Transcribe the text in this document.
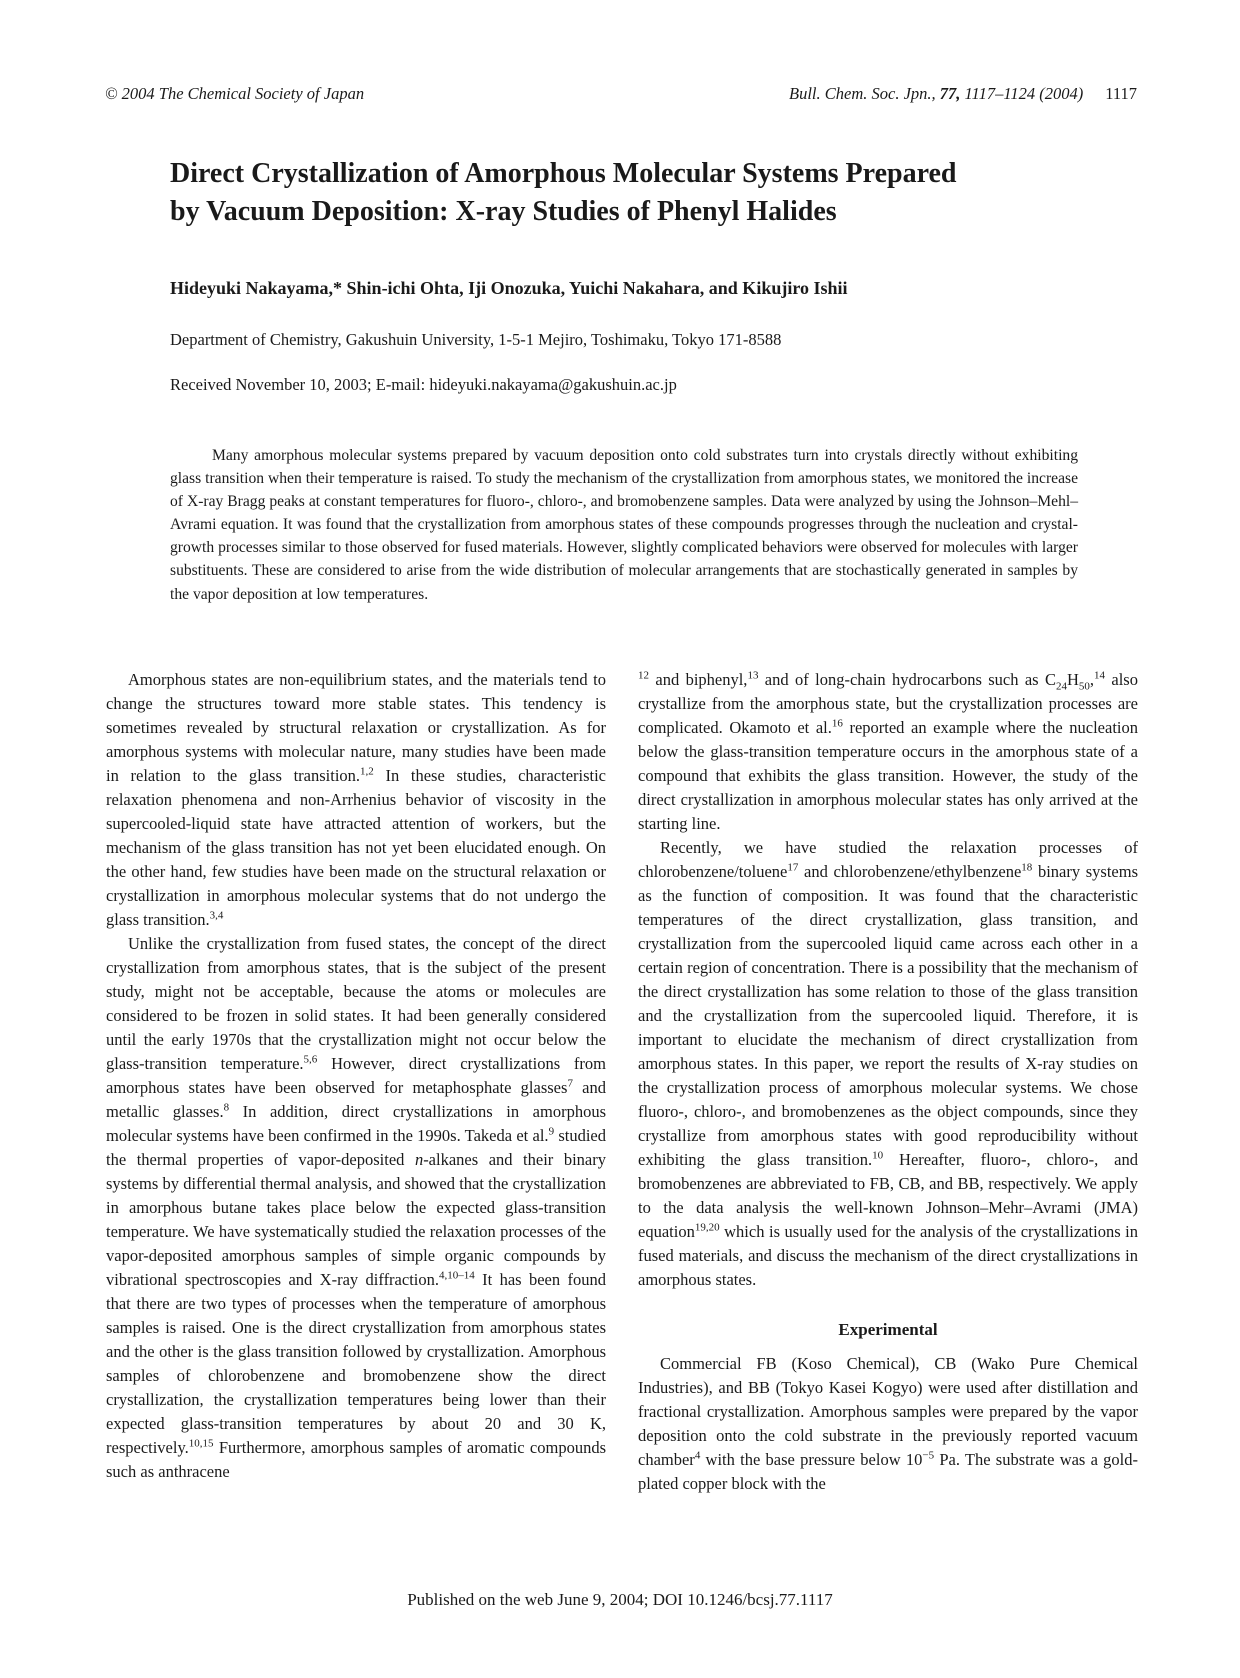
© 2004 The Chemical Society of Japan	Bull. Chem. Soc. Jpn., 77, 1117–1124 (2004) 1117
Direct Crystallization of Amorphous Molecular Systems Prepared
by Vacuum Deposition: X-ray Studies of Phenyl Halides
Hideyuki Nakayama,* Shin-ichi Ohta, Iji Onozuka, Yuichi Nakahara, and Kikujiro Ishii
Department of Chemistry, Gakushuin University, 1-5-1 Mejiro, Toshimaku, Tokyo 171-8588
Received November 10, 2003; E-mail: hideyuki.nakayama@gakushuin.ac.jp

Many amorphous molecular systems prepared by vacuum deposition onto cold substrates turn into crystals directly without exhibiting glass transition when their temperature is raised. To study the mechanism of the crystallization from amorphous states, we monitored the increase of X-ray Bragg peaks at constant temperatures for fluoro-, chloro-, and bromobenzene samples. Data were analyzed by using the Johnson–Mehl–Avrami equation. It was found that the crystallization from amorphous states of these compounds progresses through the nucleation and crystal-growth processes similar to those observed for fused materials. However, slightly complicated behaviors were observed for molecules with larger substituents. These are considered to arise from the wide distribution of molecular arrangements that are stochastically generated in samples by the vapor deposition at low temperatures.

Amorphous states are non-equilibrium states, and the materials tend to change the structures toward more stable states. This tendency is sometimes revealed by structural relaxation or crystallization. As for amorphous systems with molecular nature, many studies have been made in relation to the glass transition.$^{1,2}$ In these studies, characteristic relaxation phenomena and non-Arrhenius behavior of viscosity in the supercooled-liquid state have attracted attention of workers, but the mechanism of the glass transition has not yet been elucidated enough. On the other hand, few studies have been made on the structural relaxation or crystallization in amorphous molecular systems that do not undergo the glass transition.$^{3,4}$

Unlike the crystallization from fused states, the concept of the direct crystallization from amorphous states, that is the subject of the present study, might not be acceptable, because the atoms or molecules are considered to be frozen in solid states. It had been generally considered until the early 1970s that the crystallization might not occur below the glass-transition temperature.$^{5,6}$ However, direct crystallizations from amorphous states have been observed for metaphosphate glasses$^7$ and metallic glasses.$^8$ In addition, direct crystallizations in amorphous molecular systems have been confirmed in the 1990s. Takeda et al.$^9$ studied the thermal properties of vapor-deposited n-alkanes and their binary systems by differential thermal analysis, and showed that the crystallization in amorphous butane takes place below the expected glass-transition temperature. We have systematically studied the relaxation processes of the vapor-deposited amorphous samples of simple organic compounds by vibrational spectroscopies and X-ray diffraction.$^{4,10-14}$ It has been found that there are two types of processes when the temperature of amorphous samples is raised. One is the direct crystallization from amorphous states and the other is the glass transition followed by crystallization. Amorphous samples of chlorobenzene and bromobenzene show the direct crystallization, the crystallization temperatures being lower than their expected glass-transition temperatures by about 20 and 30 K, respectively.$^{10,15}$ Furthermore, amorphous samples of aromatic compounds such as anthracene

$^{12}$ and biphenyl,$^{13}$ and of long-chain hydrocarbons such as $C_{24}H_{50},^{14}$ also crystallize from the amorphous state, but the crystallization processes are complicated. Okamoto et al.$^{16}$ reported an example where the nucleation below the glass-transition temperature occurs in the amorphous state of a compound that exhibits the glass transition. However, the study of the direct crystallization in amorphous molecular states has only arrived at the starting line.

Recently, we have studied the relaxation processes of chlorobenzene/toluene$^{17}$ and chlorobenzene/ethylbenzene$^{18}$ binary systems as the function of composition. It was found that the characteristic temperatures of the direct crystallization, glass transition, and crystallization from the supercooled liquid came across each other in a certain region of concentration. There is a possibility that the mechanism of the direct crystallization has some relation to those of the glass transition and the crystallization from the supercooled liquid. Therefore, it is important to elucidate the mechanism of direct crystallization from amorphous states. In this paper, we report the results of X-ray studies on the crystallization process of amorphous molecular systems. We chose fluoro-, chloro-, and bromobenzenes as the object compounds, since they crystallize from amorphous states with good reproducibility without exhibiting the glass transition.$^{10}$ Hereafter, fluoro-, chloro-, and bromobenzenes are abbreviated to FB, CB, and BB, respectively. We apply to the data analysis the well-known Johnson–Mehr–Avrami (JMA) equation$^{19,20}$ which is usually used for the analysis of the crystallizations in fused materials, and discuss the mechanism of the direct crystallizations in amorphous states.

Experimental

Commercial FB (Koso Chemical), CB (Wako Pure Chemical Industries), and BB (Tokyo Kasei Kogyo) were used after distillation and fractional crystallization. Amorphous samples were prepared by the vapor deposition onto the cold substrate in the previously reported vacuum chamber$^4$ with the base pressure below $10^{-5}$ Pa. The substrate was a gold-plated copper block with the

Published on the web June 9, 2004; DOI 10.1246/bcsj.77.1117
